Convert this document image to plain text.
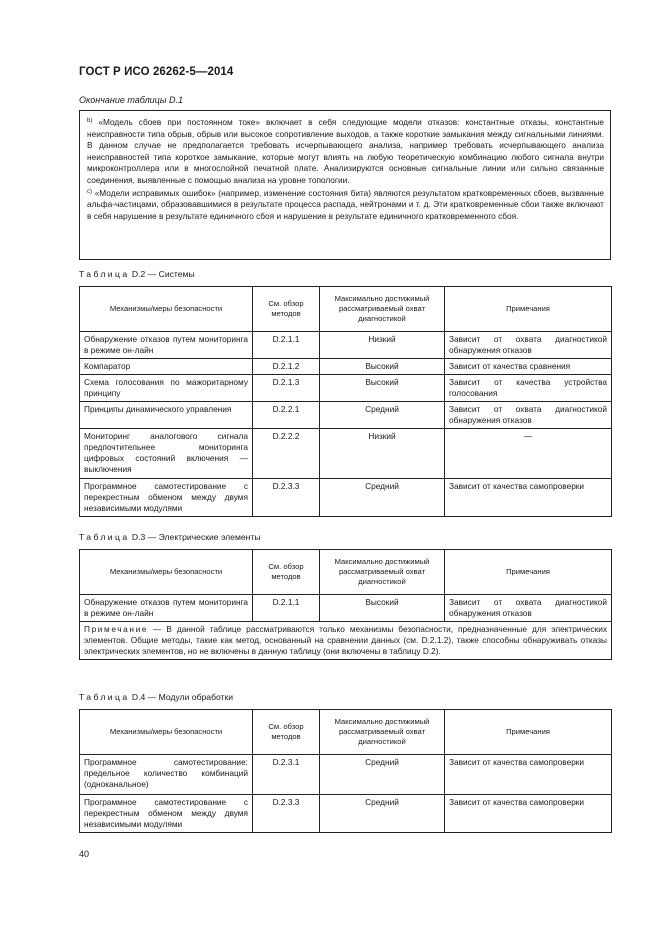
ГОСТ Р ИСО 26262-5—2014
Окончание таблицы D.1

$^{b)}$ «Модель сбоев при постоянном токе» включает в себя следующие модели отказов: константные отказы, константные неисправности типа обрыв, обрыв или высокое сопротивление выходов, а также короткие замыкания между сигнальными линиями. В данном случае не предполагается требовать исчерпывающего анализа, например требовать исчерпывающего анализа неисправностей типа короткое замыкание, которые могут влиять на любую теоретическую комбинацию любого сигнала внутри микроконтроллера или в многослойной печатной плате. Анализируются основные сигнальные линии или сильно связанные соединения, выявленные с помощью анализа на уровне топологии.

$^{c)}$ «Модели исправимых ошибок» (например, изменение состояния бита) являются результатом кратковременных сбоев, вызванные альфа-частицами, образовавшимися в результате процесса распада, нейтронами и т. д. Эти кратковременные сбои также включают в себя нарушение в результате единичного сбоя и нарушение в результате единичного кратковременного сбоя.

Таблица D.2 — Системы
Механизмы/меры безопасности	См. обзор методов	Максимально достижимый рассматриваемый охват диагностикой	Примечания
Обнаружение отказов путем мониторинга в режиме он-лайн	D.2.1.1	Низкий	Зависит от охвата диагностикой обнаружения отказов
Компаратор	D.2.1.2	Высокий	Зависит от качества сравнения
Схема голосования по мажоритарному принципу	D.2.1.3	Высокий	Зависит от качества устройства голосования
Принципы динамического управления	D.2.2.1	Средний	Зависит от охвата диагностикой обнаружения отказов
Мониторинг аналогового сигнала предпочтительнее мониторинга цифровых состояний включения — выключения	D.2.2.2	Низкий	—
Программное самотестирование с перекрестным обменом между двумя независимыми модулями	D.2.3.3	Средний	Зависит от качества самопроверки
Таблица D.3 — Электрические элементы
Механизмы/меры безопасности	См. обзор методов	Максимально достижимый рассматриваемый охват диагностикой	Примечания
Обнаружение отказов путем мониторинга в режиме он-лайн	D.2.1.1	Высокий	Зависит от охвата диагностикой обнаружения отказов
Примечание — В данной таблице рассматриваются только механизмы безопасности, предназначенные для электрических элементов. Общие методы, такие как метод, основанный на сравнении данных (см. D.2.1.2), также способны обнаруживать отказы электрических элементов, но не включены в данную таблицу (они включены в таблицу D.2).			
Таблица D.4 — Модули обработки
Механизмы/меры безопасности	См. обзор методов	Максимально достижимый рассматриваемый охват диагностикой	Примечания
Программное самотестирование: предельное количество комбинаций (одноканальное)	D.2.3.1	Средний	Зависит от качества самопроверки
Программное самотестирование с перекрестным обменом между двумя независимыми модулями	D.2.3.3	Средний	Зависит от качества самопроверки
40
